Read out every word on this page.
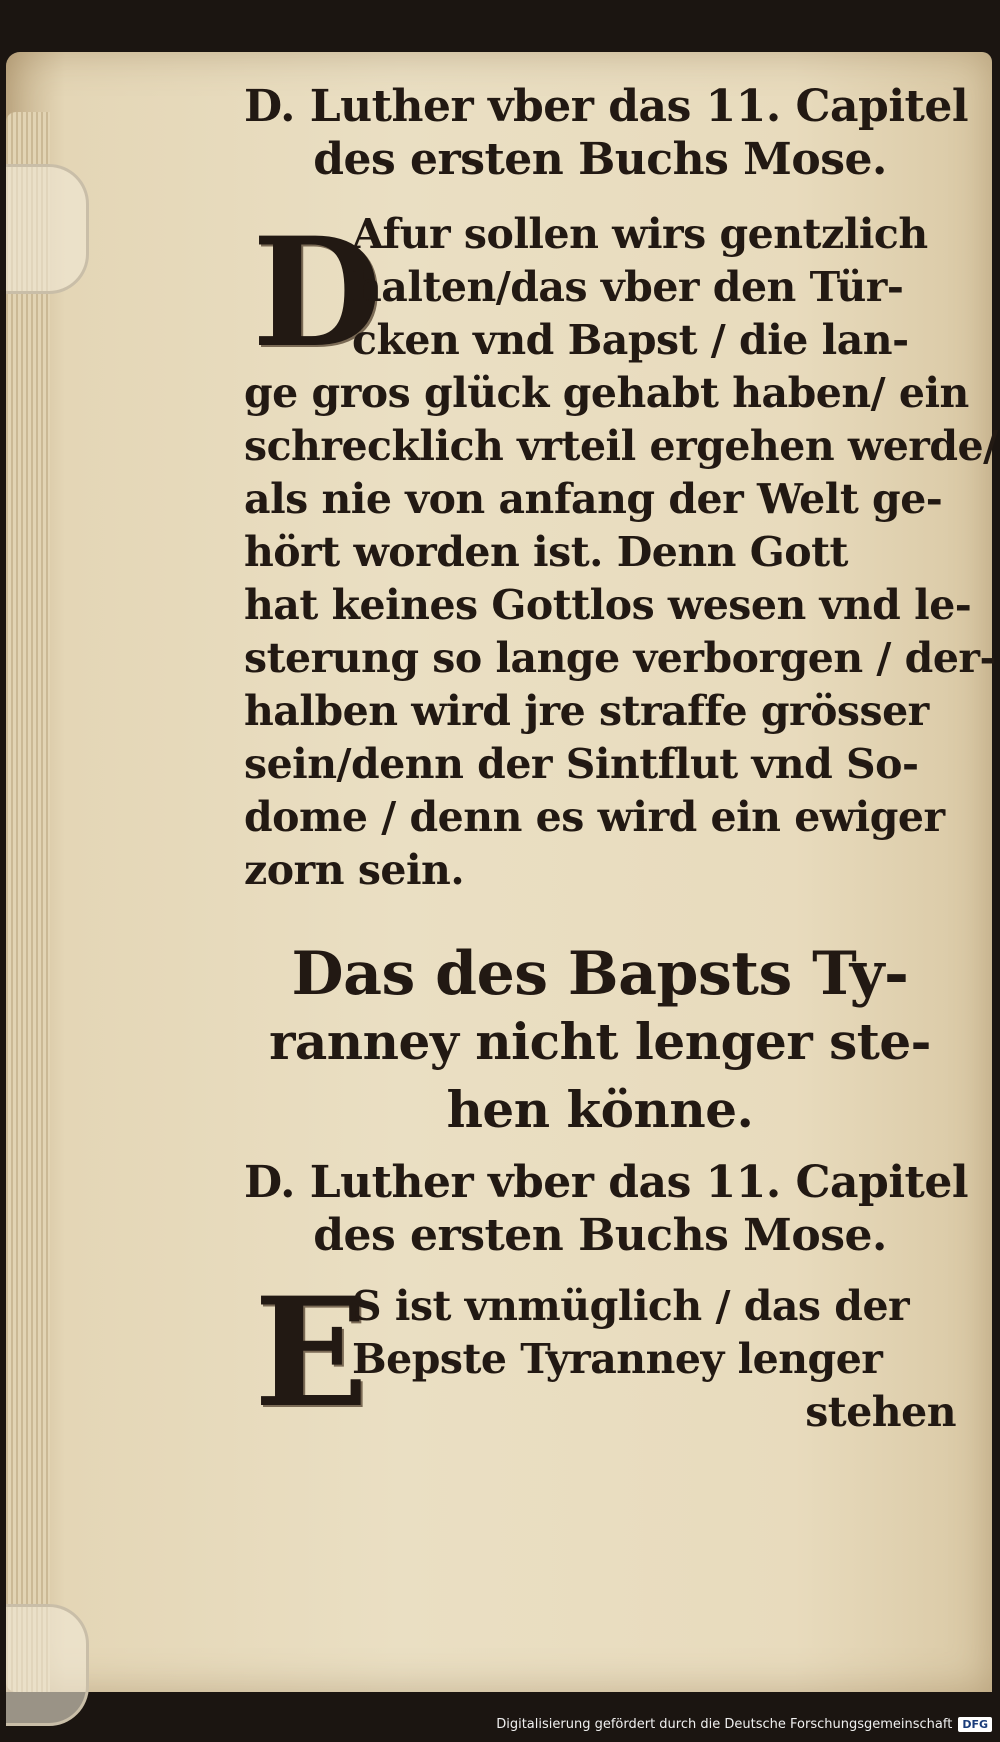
D. Luther vber das 11. Capitel
des ersten Buchs Mose.
D
Afur sollen wirs gentzlich
halten/das vber den Tür-
cken vnd Bapst / die lan-
ge gros glück gehabt haben/ ein
schrecklich vrteil ergehen werde/
als nie von anfang der Welt ge-
hört worden ist. Denn Gott
hat keines Gottlos wesen vnd le-
sterung so lange verborgen / der-
halben wird jre straffe grösser
sein/denn der Sintflut vnd So-
dome / denn es wird ein ewiger
zorn sein.
Das des Bapsts Ty-
ranney nicht lenger ste-
hen könne.
D. Luther vber das 11. Capitel
des ersten Buchs Mose.
E
S ist vnmüglich / das der
Bepste Tyranney lenger
stehen
Digitalisierung gefördert durch die Deutsche Forschungsgemeinschaft DFG
